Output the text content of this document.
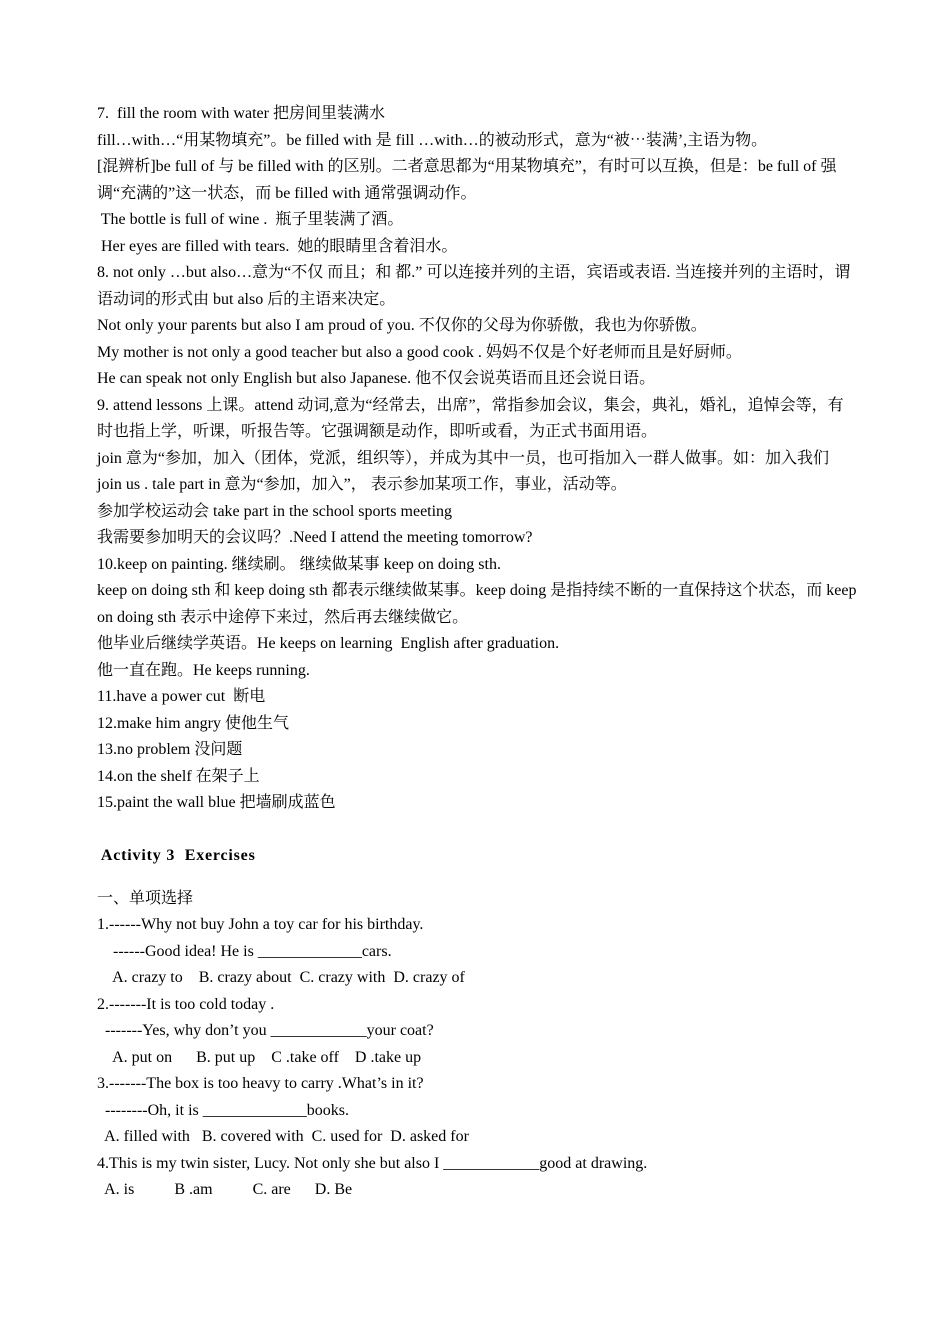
7.  fill the room with water 把房间里装满水

fill…with…“用某物填充”。be filled with 是 fill …with…的被动形式，意为“被⋯装满’,主语为物。

[混辨析]be full of 与 be filled with 的区别。二者意思都为“用某物填充”，有时可以互换，但是：be full of 强调“充满的”这一状态，而 be filled with 通常强调动作。

The bottle is full of wine .  瓶子里装满了酒。

Her eyes are filled with tears.  她的眼睛里含着泪水。

8. not only …but also…意为“不仅 而且；和 都.” 可以连接并列的主语，宾语或表语. 当连接并列的主语时，谓语动词的形式由 but also 后的主语来决定。

Not only your parents but also I am proud of you. 不仅你的父母为你骄傲，我也为你骄傲。

My mother is not only a good teacher but also a good cook . 妈妈不仅是个好老师而且是好厨师。

He can speak not only English but also Japanese. 他不仅会说英语而且还会说日语。

9. attend lessons 上课。attend 动词,意为“经常去，出席”，常指参加会议，集会，典礼，婚礼，追悼会等，有时也指上学，听课，听报告等。它强调额是动作，即听或看，为正式书面用语。

join 意为“参加，加入（团体，党派，组织等），并成为其中一员，也可指加入一群人做事。如：加入我们 join us . tale part in 意为“参加，加入”， 表示参加某项工作，事业，活动等。

参加学校运动会 take part in the school sports meeting

我需要参加明天的会议吗？.Need I attend the meeting tomorrow?

10.keep on painting. 继续刷。 继续做某事 keep on doing sth.

keep on doing sth 和 keep doing sth 都表示继续做某事。keep doing 是指持续不断的一直保持这个状态，而 keep on doing sth 表示中途停下来过，然后再去继续做它。

他毕业后继续学英语。He keeps on learning  English after graduation.

他一直在跑。He keeps running.

11.have a power cut  断电

12.make him angry 使他生气

13.no problem 没问题

14.on the shelf 在架子上

15.paint the wall blue 把墙刷成蓝色

Activity 3  Exercises

一、单项选择

1.------Why not buy John a toy car for his birthday.

------Good idea! He is _____________cars.

A. crazy to    B. crazy about  C. crazy with  D. crazy of

2.-------It is too cold today .

-------Yes, why don’t you ____________your coat?

A. put on      B. put up    C .take off    D .take up

3.-------The box is too heavy to carry .What’s in it?

--------Oh, it is _____________books.

A. filled with   B. covered with  C. used for  D. asked for

4.This is my twin sister, Lucy. Not only she but also I ____________good at drawing.

A. is          B .am          C. are      D. Be
